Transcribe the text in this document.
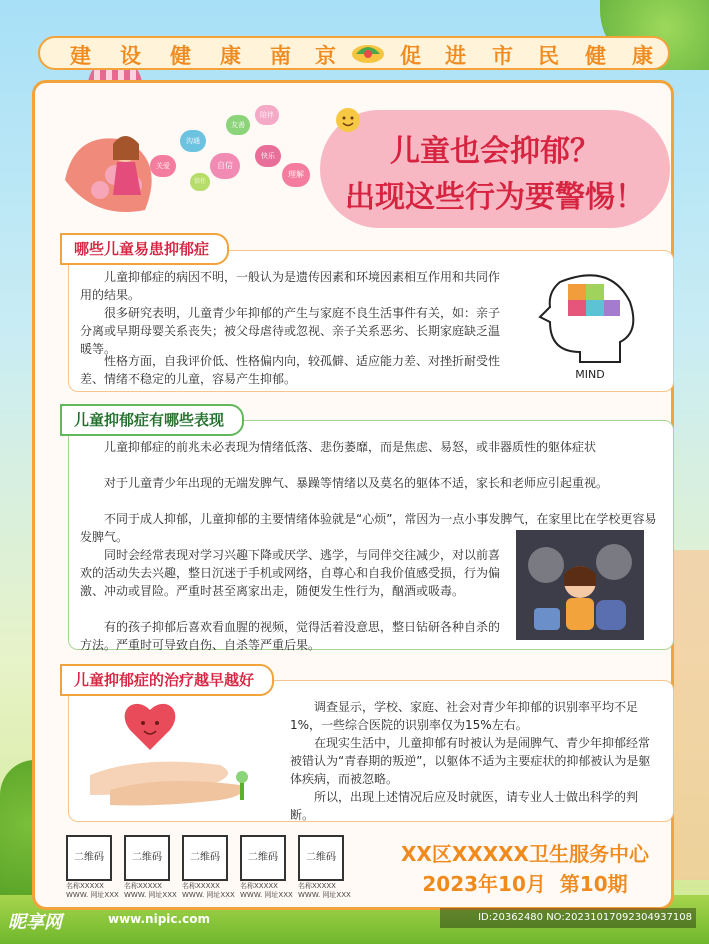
建 设 健 康 南 京	促 进 市 民 健 康
关爱
沟通
自信
友善
陪伴
快乐
理解
信任
儿童也会抑郁？
出现这些行为要警惕！
哪些儿童易患抑郁症

儿童抑郁症的病因不明，一般认为是遗传因素和环境因素相互作用和共同作用的结果。

很多研究表明，儿童青少年抑郁的产生与家庭不良生活事件有关，如：亲子分离或早期母婴关系丧失；被父母虐待或忽视、亲子关系恶劣、长期家庭缺乏温暖等。

性格方面，自我评价低、性格偏内向，较孤僻、适应能力差、对挫折耐受性差、情绪不稳定的儿童，容易产生抑郁。	MIND
儿童抑郁症有哪些表现

儿童抑郁症的前兆未必表现为情绪低落、悲伤萎靡，而是焦虑、易怒，或非器质性的躯体症状

对于儿童青少年出现的无端发脾气、暴躁等情绪以及莫名的躯体不适，家长和老师应引起重视。

不同于成人抑郁，儿童抑郁的主要情绪体验就是“心烦”，常因为一点小事发脾气，在家里比在学校更容易发脾气。

同时会经常表现对学习兴趣下降或厌学、逃学，与同伴交往减少，对以前喜欢的活动失去兴趣，整日沉迷于手机或网络，自尊心和自我价值感受损，行为偏激、冲动或冒险。严重时甚至离家出走，随便发生性行为，酗酒或吸毒。

有的孩子抑郁后喜欢看血腥的视频，觉得活着没意思，整日钻研各种自杀的方法。严重时可导致自伤、自杀等严重后果。

儿童抑郁症的治疗越早越好

调查显示，学校、家庭、社会对青少年抑郁的识别率平均不足1%，一些综合医院的识别率仅为15%左右。

在现实生活中，儿童抑郁有时被认为是闹脾气、青少年抑郁经常被错认为“青春期的叛逆”，以躯体不适为主要症状的抑郁被认为是躯体疾病，而被忽略。

所以，出现上述情况后应及时就医，请专业人士做出科学的判断。

二维码
名称XXXXX
WWW. 网址XXX
二维码
名称XXXXX
WWW. 网址XXX
二维码
名称XXXXX
WWW. 网址XXX
二维码
名称XXXXX
WWW. 网址XXX
二维码
名称XXXXX
WWW. 网址XXX
XX区XXXXX卫生服务中心
2023年10月  第10期
昵享网	www.nipic.com	ID:20362480 NO:20231017092304937108
